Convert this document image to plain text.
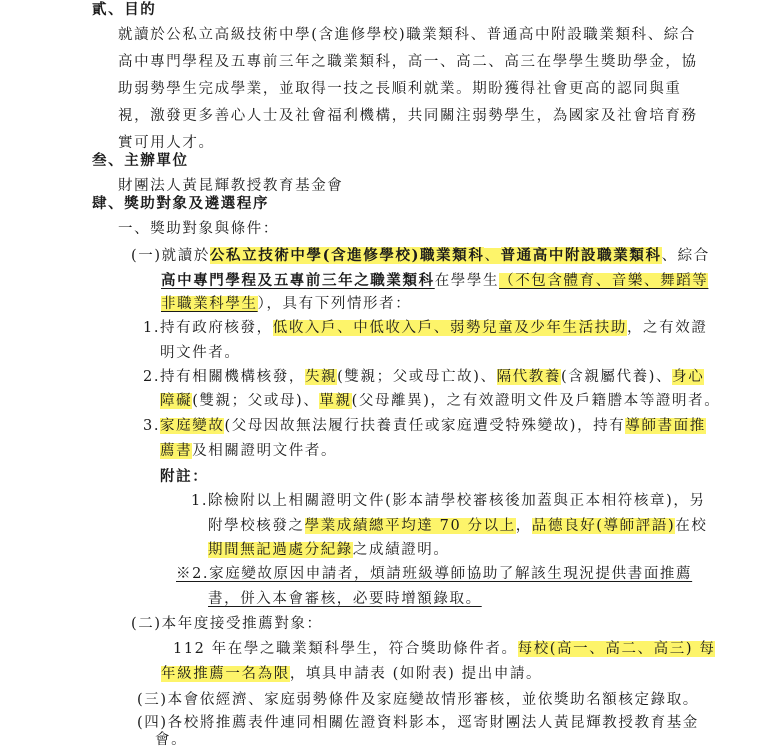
貳、目的
就讀於公私立高級技術中學(含進修學校)職業類科、普通高中附設職業類科、綜合
高中專門學程及五專前三年之職業類科，高一、高二、高三在學學生獎助學金，協
助弱勢學生完成學業，並取得一技之長順利就業。期盼獲得社會更高的認同與重
視，激發更多善心人士及社會福利機構，共同關注弱勢學生，為國家及社會培育務
實可用人才。
叁、主辦單位
財團法人黃昆輝教授教育基金會
肆、獎助對象及遴選程序
一、獎助對象與條件：
(一)就讀於公私立技術中學(含進修學校)職業類科、普通高中附設職業類科、綜合
高中專門學程及五專前三年之職業類科在學學生（不包含體育、音樂、舞蹈等
非職業科學生），具有下列情形者：
1.持有政府核發，低收入戶、中低收入戶、弱勢兒童及少年生活扶助，之有效證
明文件者。
2.持有相關機構核發，失親(雙親；父或母亡故)、隔代教養(含親屬代養)、身心
障礙(雙親；父或母)、單親(父母離異)，之有效證明文件及戶籍謄本等證明者。
3.家庭變故(父母因故無法履行扶養責任或家庭遭受特殊變故)，持有導師書面推
薦書及相關證明文件者。
附註：
1.除檢附以上相關證明文件(影本請學校審核後加蓋與正本相符核章)，另
附學校核發之學業成績總平均達 70 分以上，品德良好(導師評語)在校
期間無記過處分紀錄之成績證明。
※2.家庭變故原因申請者，煩請班級導師協助了解該生現況提供書面推薦
書，併入本會審核，必要時增額錄取。
(二)本年度接受推薦對象：
112 年在學之職業類科學生，符合獎助條件者。每校(高一、高二、高三) 每
年級推薦一名為限，填具申請表 (如附表) 提出申請。
(三)本會依經濟、家庭弱勢條件及家庭變故情形審核，並依獎助名額核定錄取。
(四)各校將推薦表件連同相關佐證資料影本，逕寄財團法人黃昆輝教授教育基金
會。
